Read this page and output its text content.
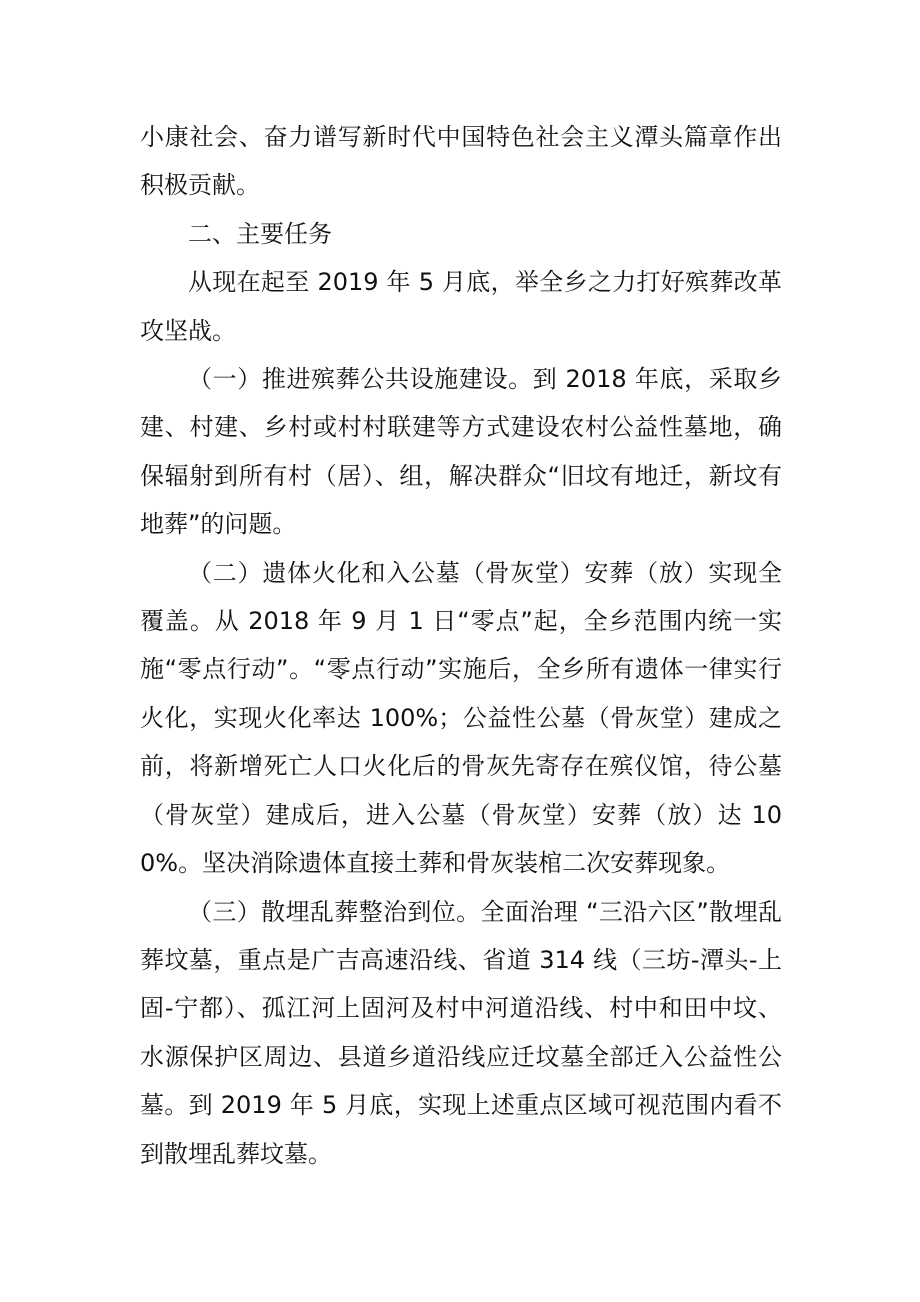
小康社会、奋力谱写新时代中国特色社会主义潭头篇章作出积极贡献。

二、主要任务

从现在起至 2019 年 5 月底，举全乡之力打好殡葬改革攻坚战。

（一）推进殡葬公共设施建设。到 2018 年底，采取乡建、村建、乡村或村村联建等方式建设农村公益性墓地，确保辐射到所有村（居）、组，解决群众“旧坟有地迁，新坟有地葬”的问题。

（二）遗体火化和入公墓（骨灰堂）安葬（放）实现全覆盖。从 2018 年 9 月 1 日“零点”起，全乡范围内统一实施“零点行动”。“零点行动”实施后，全乡所有遗体一律实行火化，实现火化率达 100%；公益性公墓（骨灰堂）建成之前，将新增死亡人口火化后的骨灰先寄存在殡仪馆，待公墓（骨灰堂）建成后，进入公墓（骨灰堂）安葬（放）达 100%。坚决消除遗体直接土葬和骨灰装棺二次安葬现象。

（三）散埋乱葬整治到位。全面治理 “三沿六区”散埋乱葬坟墓，重点是广吉高速沿线、省道 314 线（三坊-潭头-上固-宁都）、孤江河上固河及村中河道沿线、村中和田中坟、水源保护区周边、县道乡道沿线应迁坟墓全部迁入公益性公墓。到 2019 年 5 月底，实现上述重点区域可视范围内看不到散埋乱葬坟墓。
